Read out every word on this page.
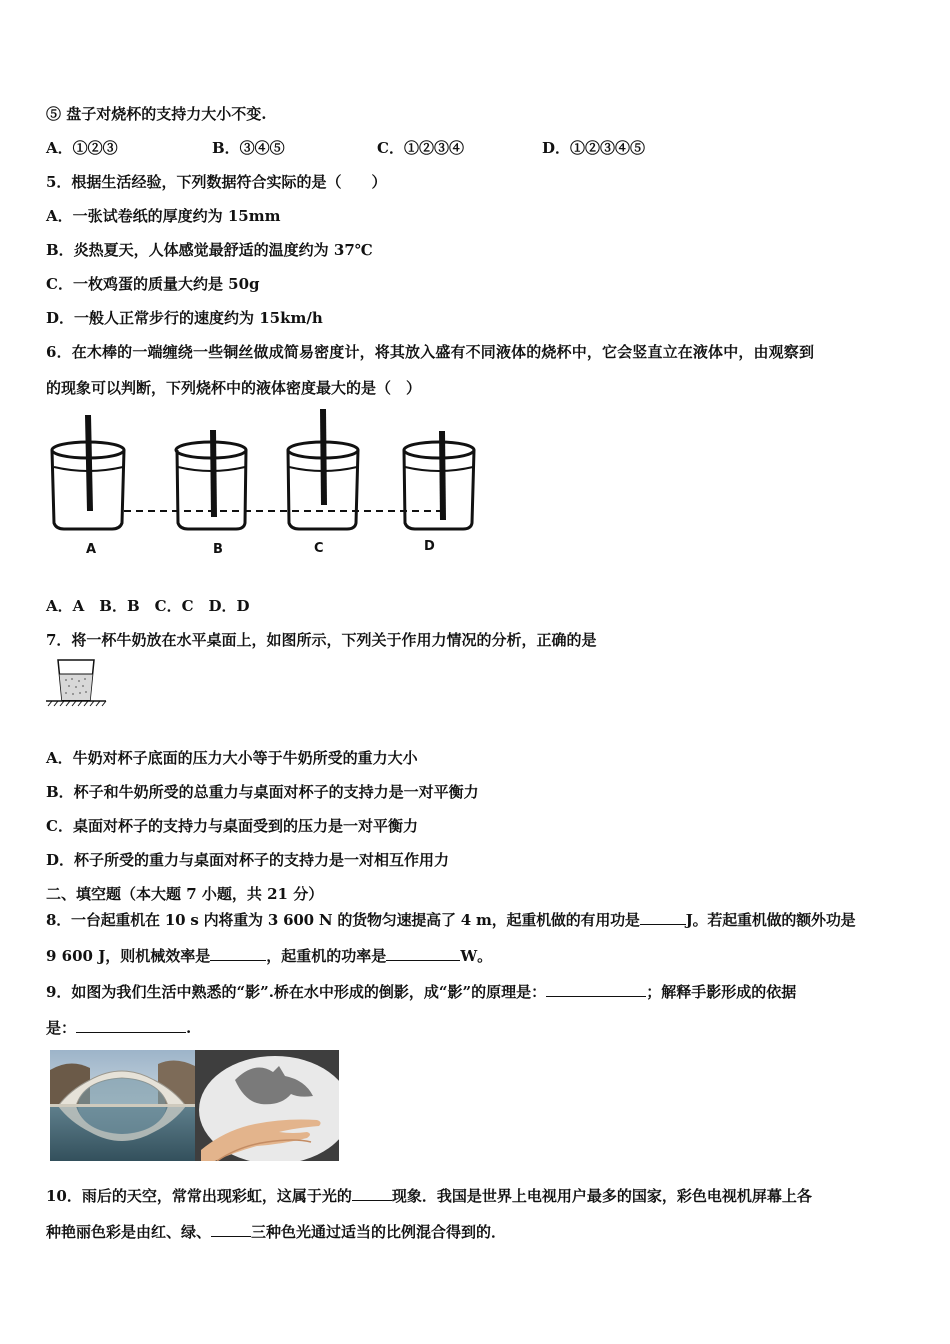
⑤ 盘子对烧杯的支持力大小不变.
A．①②③	B．③④⑤	C．①②③④	D．①②③④⑤
5．根据生活经验，下列数据符合实际的是（　　）
A．一张试卷纸的厚度约为 15mm
B．炎热夏天，人体感觉最舒适的温度约为 37℃
C．一枚鸡蛋的质量大约是 50g
D．一般人正常步行的速度约为 15km/h
6．在木棒的一端缠绕一些铜丝做成简易密度计，将其放入盛有不同液体的烧杯中，它会竖直立在液体中，由观察到
的现象可以判断，下列烧杯中的液体密度最大的是（　）
A	B	C	D
A．A　B．B　C．C　D．D
7．将一杯牛奶放在水平桌面上，如图所示，下列关于作用力情况的分析，正确的是
A．牛奶对杯子底面的压力大小等于牛奶所受的重力大小
B．杯子和牛奶所受的总重力与桌面对杯子的支持力是一对平衡力
C．桌面对杯子的支持力与桌面受到的压力是一对平衡力
D．杯子所受的重力与桌面对杯子的支持力是一对相互作用力
二、填空题（本大题 7 小题，共 21 分）
8．一台起重机在 10 s 内将重为 3 600 N 的货物匀速提高了 4 m，起重机做的有用功是	J。若起重机做的额外功是
9 600 J，则机械效率是	，起重机的功率是	W。
9．如图为我们生活中熟悉的“影”.桥在水中形成的倒影，成“影”的原理是：	；解释手影形成的依据
是：	.
10．雨后的天空，常常出现彩虹，这属于光的	现象．我国是世界上电视用户最多的国家，彩色电视机屏幕上各
种艳丽色彩是由红、绿、	三种色光通过适当的比例混合得到的．
